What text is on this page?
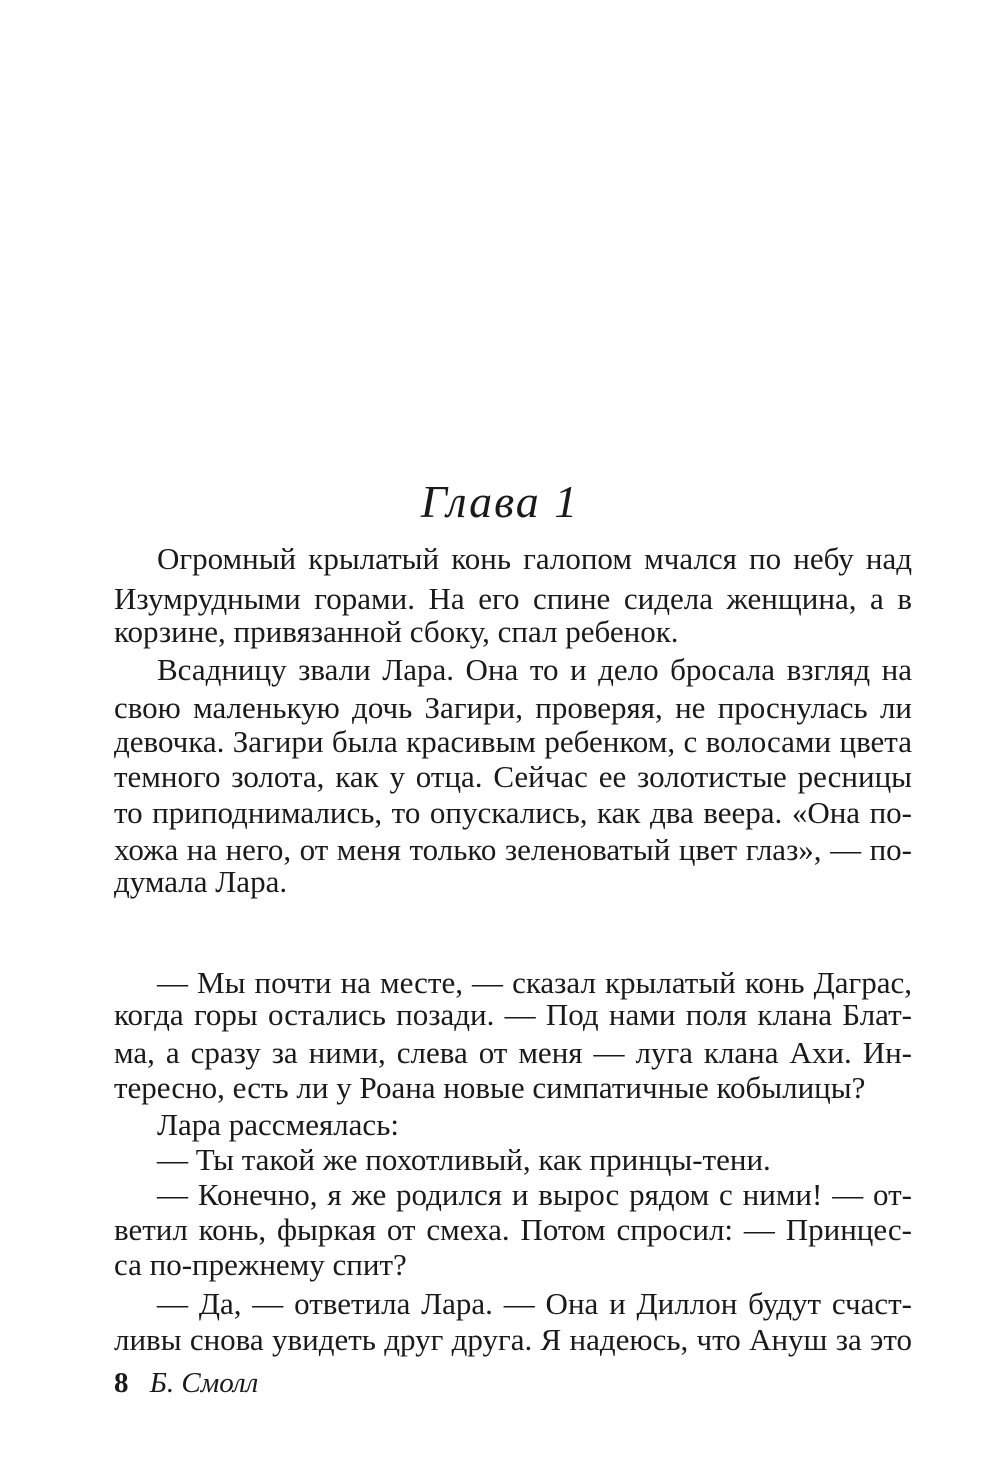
Глава 1
Огромный крылатый конь галопом мчался по небу над
Изумрудными горами. На его спине сидела женщина, а в
корзине, привязанной сбоку, спал ребенок.
Всадницу звали Лара. Она то и дело бросала взгляд на
свою маленькую дочь Загири, проверяя, не проснулась ли
девочка. Загири была красивым ребенком, с волосами цвета
темного золота, как у отца. Сейчас ее золотистые ресницы
то приподнимались, то опускались, как два веера. «Она по-
хожа на него, от меня только зеленоватый цвет глаз», — по-
думала Лара.
— Мы почти на месте, — сказал крылатый конь Даграс,
когда горы остались позади. — Под нами поля клана Блат-
ма, а сразу за ними, слева от меня — луга клана Ахи. Ин-
тересно, есть ли у Роана новые симпатичные кобылицы?
Лара рассмеялась:
— Ты такой же похотливый, как принцы-тени.
— Конечно, я же родился и вырос рядом с ними! — от-
ветил конь, фыркая от смеха. Потом спросил: — Принцес-
са по-прежнему спит?
— Да, — ответила Лара. — Она и Диллон будут счаст-
ливы снова увидеть друг друга. Я надеюсь, что Ануш за это
8 Б. Смолл
